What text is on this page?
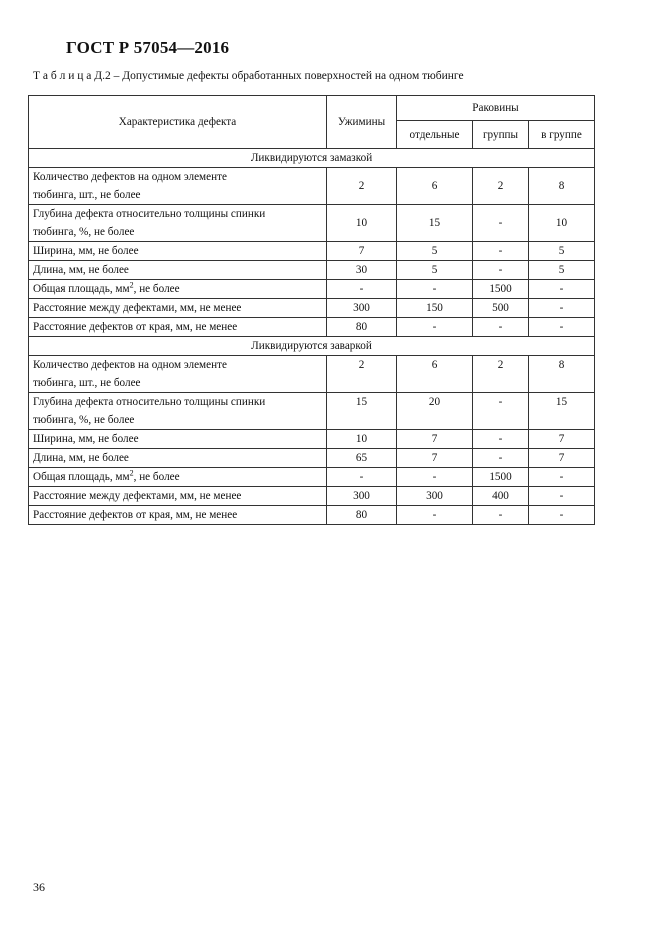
ГОСТ Р 57054—2016
Т а б л и ц а Д.2 – Допустимые дефекты обработанных поверхностей на одном тюбинге
Характеристика дефекта	Ужимины	Раковины		
		отдельные	группы	в группе
Ликвидируются замазкой				

Количество дефектов на одном элементе
тюбинга, шт., не более	2	6	2	8

Глубина дефекта относительно толщины спинки
тюбинга, %, не более	10	15	-	10
Ширина, мм, не более	7	5	-	5
Длина, мм, не более	30	5	-	5
Общая площадь, $мм^2$, не более	-	-	1500	-
Расстояние между дефектами, мм, не менее	300	150	500	-
Расстояние дефектов от края, мм, не менее	80	-	-	-
Ликвидируются заваркой				

Количество дефектов на одном элементе
тюбинга, шт., не более	2	6	2	8

Глубина дефекта относительно толщины спинки
тюбинга, %, не более	15	20	-	15
Ширина, мм, не более	10	7	-	7
Длина, мм, не более	65	7	-	7
Общая площадь, $мм^2$, не более	-	-	1500	-
Расстояние между дефектами, мм, не менее	300	300	400	-
Расстояние дефектов от края, мм, не менее	80	-	-	-
36
